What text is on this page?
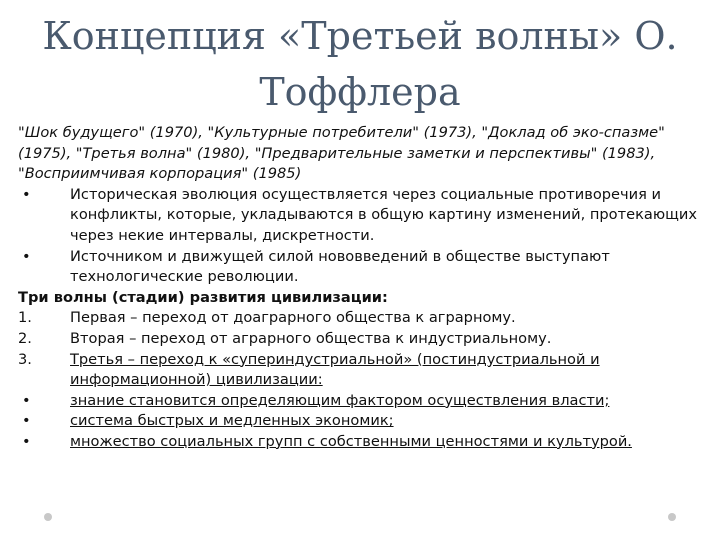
Концепция «Третьей волны» О.
Тоффлера
"Шок будущего" (1970), "Культурные потребители" (1973), "Доклад об эко-спазме" (1975), "Третья волна" (1980), "Предварительные заметки и перспективы" (1983), "Восприимчивая корпорация" (1985)
•	Историческая эволюция осуществляется через социальные противоречия и конфликты, которые, укладываются в общую картину изменений, протекающих через некие интервалы, дискретности.
•	Источником и движущей силой нововведений в обществе выступают технологические революции.
Три волны (стадии) развития цивилизации:
1.	Первая – переход от доаграрного общества к аграрному.
2.	Вторая – переход от аграрного общества к индустриальному.
3.	Третья – переход к «супериндустриальной» (постиндустриальной и информационной) цивилизации:
•	знание становится определяющим фактором осуществления власти;
•	система быстрых и медленных экономик;
•	множество социальных групп с собственными ценностями и культурой.
